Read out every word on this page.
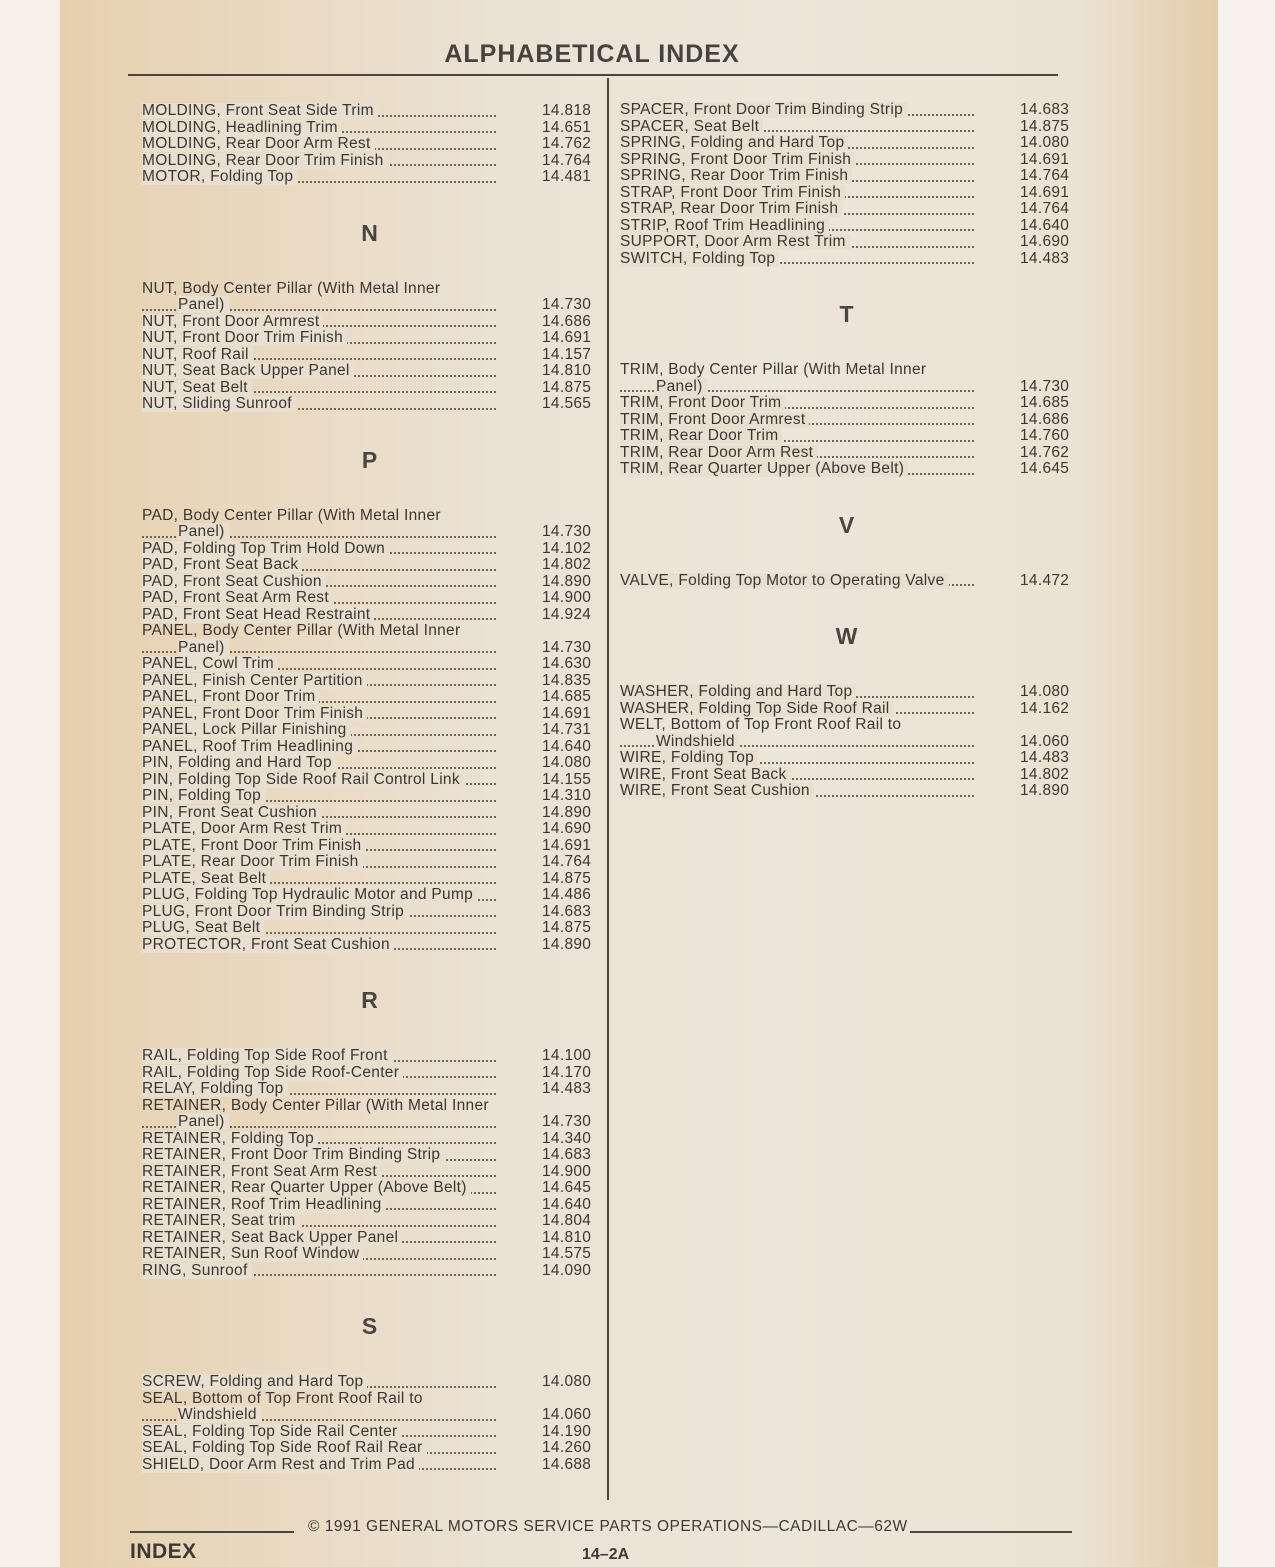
ALPHABETICAL INDEX
MOLDING, Front Seat Side Trim	14.818
MOLDING, Headlining Trim	14.651
MOLDING, Rear Door Arm Rest	14.762
MOLDING, Rear Door Trim Finish	14.764
MOTOR, Folding Top	14.481
N
NUT, Body Center Pillar (With Metal Inner
Panel)	14.730
NUT, Front Door Armrest	14.686
NUT, Front Door Trim Finish	14.691
NUT, Roof Rail	14.157
NUT, Seat Back Upper Panel	14.810
NUT, Seat Belt	14.875
NUT, Sliding Sunroof	14.565
P
PAD, Body Center Pillar (With Metal Inner
Panel)	14.730
PAD, Folding Top Trim Hold Down	14.102
PAD, Front Seat Back	14.802
PAD, Front Seat Cushion	14.890
PAD, Front Seat Arm Rest	14.900
PAD, Front Seat Head Restraint	14.924
PANEL, Body Center Pillar (With Metal Inner
Panel)	14.730
PANEL, Cowl Trim	14.630
PANEL, Finish Center Partition	14.835
PANEL, Front Door Trim	14.685
PANEL, Front Door Trim Finish	14.691
PANEL, Lock Pillar Finishing	14.731
PANEL, Roof Trim Headlining	14.640
PIN, Folding and Hard Top	14.080
PIN, Folding Top Side Roof Rail Control Link	14.155
PIN, Folding Top	14.310
PIN, Front Seat Cushion	14.890
PLATE, Door Arm Rest Trim	14.690
PLATE, Front Door Trim Finish	14.691
PLATE, Rear Door Trim Finish	14.764
PLATE, Seat Belt	14.875
PLUG, Folding Top Hydraulic Motor and Pump	14.486
PLUG, Front Door Trim Binding Strip	14.683
PLUG, Seat Belt	14.875
PROTECTOR, Front Seat Cushion	14.890
R
RAIL, Folding Top Side Roof Front	14.100
RAIL, Folding Top Side Roof-Center	14.170
RELAY, Folding Top	14.483
RETAINER, Body Center Pillar (With Metal Inner
Panel)	14.730
RETAINER, Folding Top	14.340
RETAINER, Front Door Trim Binding Strip	14.683
RETAINER, Front Seat Arm Rest	14.900
RETAINER, Rear Quarter Upper (Above Belt)	14.645
RETAINER, Roof Trim Headlining	14.640
RETAINER, Seat trim	14.804
RETAINER, Seat Back Upper Panel	14.810
RETAINER, Sun Roof Window	14.575
RING, Sunroof	14.090
S
SCREW, Folding and Hard Top	14.080
SEAL, Bottom of Top Front Roof Rail to
Windshield	14.060
SEAL, Folding Top Side Rail Center	14.190
SEAL, Folding Top Side Roof Rail Rear	14.260
SHIELD, Door Arm Rest and Trim Pad	14.688
SPACER, Front Door Trim Binding Strip	14.683
SPACER, Seat Belt	14.875
SPRING, Folding and Hard Top	14.080
SPRING, Front Door Trim Finish	14.691
SPRING, Rear Door Trim Finish	14.764
STRAP, Front Door Trim Finish	14.691
STRAP, Rear Door Trim Finish	14.764
STRIP, Roof Trim Headlining	14.640
SUPPORT, Door Arm Rest Trim	14.690
SWITCH, Folding Top	14.483
T
TRIM, Body Center Pillar (With Metal Inner
Panel)	14.730
TRIM, Front Door Trim	14.685
TRIM, Front Door Armrest	14.686
TRIM, Rear Door Trim	14.760
TRIM, Rear Door Arm Rest	14.762
TRIM, Rear Quarter Upper (Above Belt)	14.645
V
VALVE, Folding Top Motor to Operating Valve	14.472
W
WASHER, Folding and Hard Top	14.080
WASHER, Folding Top Side Roof Rail	14.162
WELT, Bottom of Top Front Roof Rail to
Windshield	14.060
WIRE, Folding Top	14.483
WIRE, Front Seat Back	14.802
WIRE, Front Seat Cushion	14.890
© 1991 GENERAL MOTORS SERVICE PARTS OPERATIONS—CADILLAC—62W
INDEX	14–2A
